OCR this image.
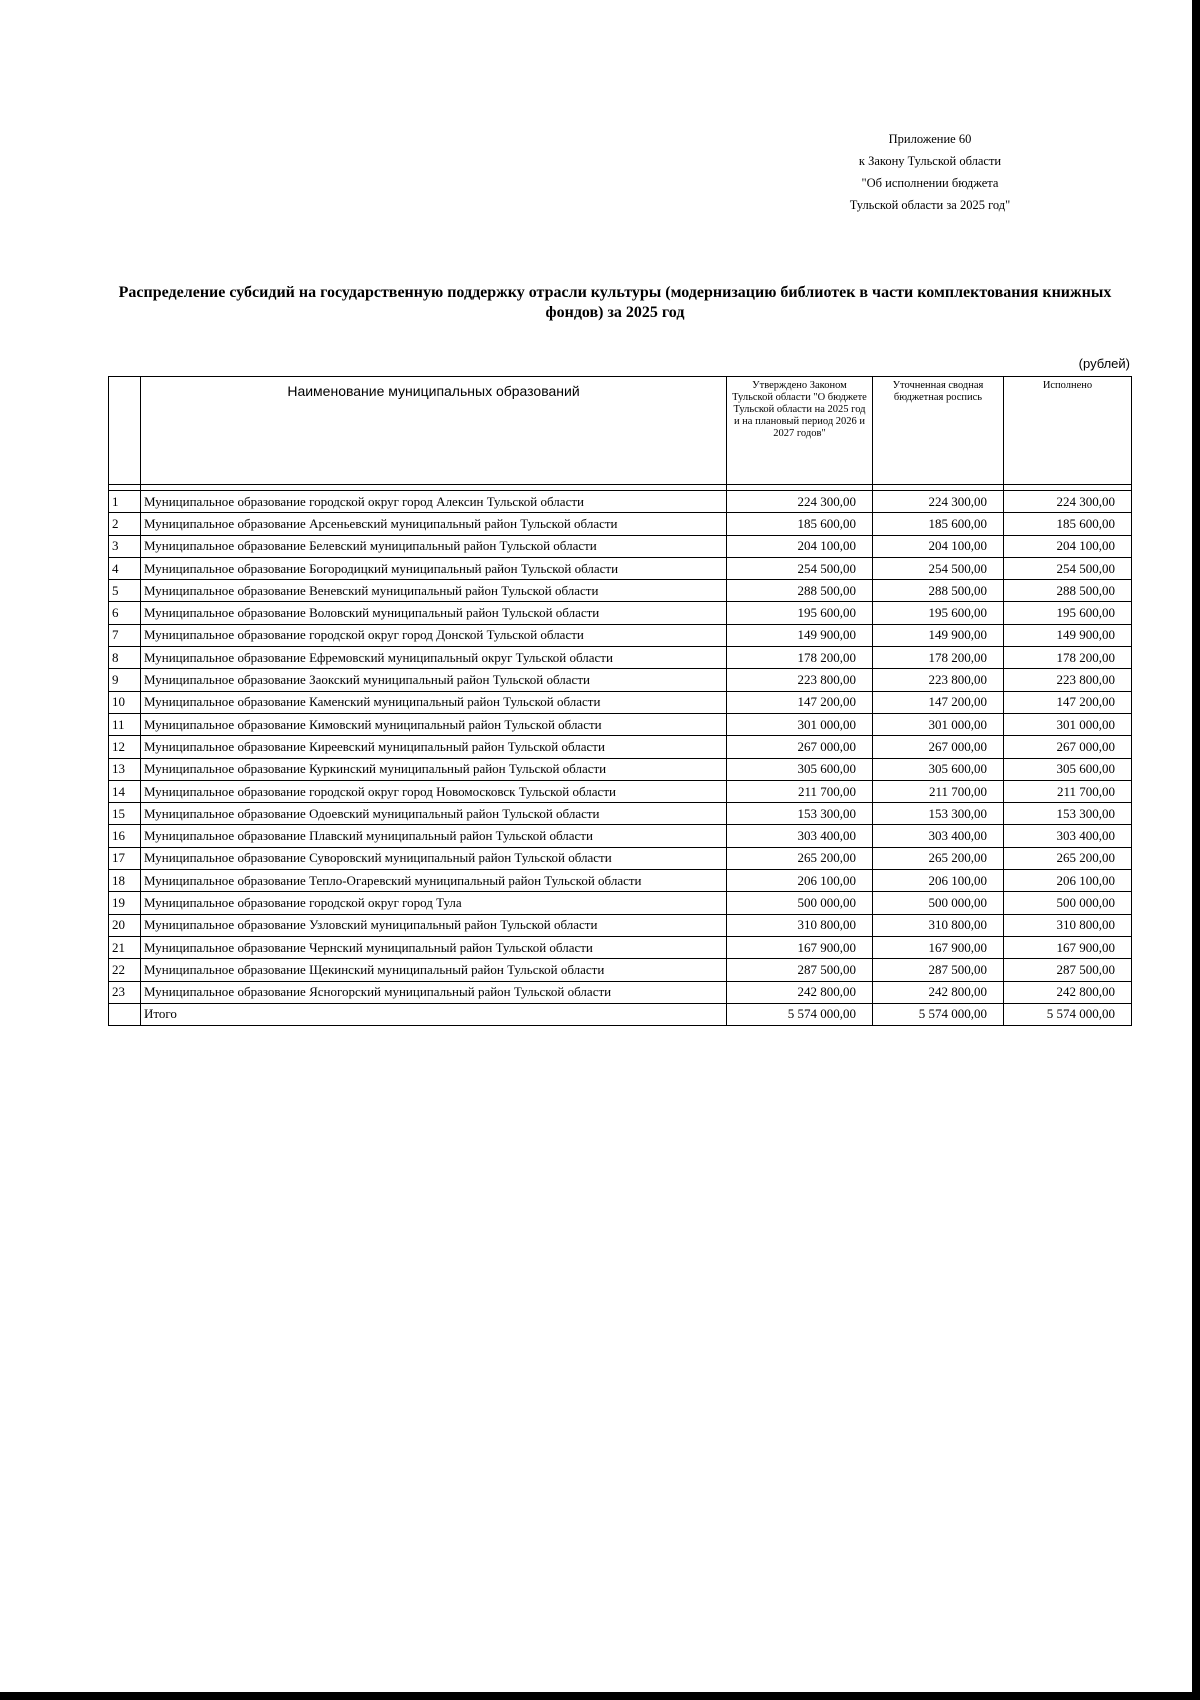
Приложение 60
к Закону Тульской области
"Об исполнении бюджета
Тульской области за 2025 год"
Распределение субсидий на государственную поддержку отрасли культуры (модернизацию библиотек в части комплектования книжных фондов) за 2025 год
(рублей)
	Наименование муниципальных образований	Утверждено Законом Тульской области "О бюджете Тульской области на 2025 год и на плановый период 2026 и 2027 годов"	Уточненная сводная бюджетная роспись	Исполнено

1	Муниципальное образование городской округ город Алексин Тульской области	224 300,00	224 300,00	224 300,00
2	Муниципальное образование Арсеньевский муниципальный район Тульской области	185 600,00	185 600,00	185 600,00
3	Муниципальное образование Белевский муниципальный район Тульской области	204 100,00	204 100,00	204 100,00
4	Муниципальное образование Богородицкий муниципальный район Тульской области	254 500,00	254 500,00	254 500,00
5	Муниципальное образование Веневский муниципальный район Тульской области	288 500,00	288 500,00	288 500,00
6	Муниципальное образование Воловский муниципальный район Тульской области	195 600,00	195 600,00	195 600,00
7	Муниципальное образование городской округ город Донской Тульской области	149 900,00	149 900,00	149 900,00
8	Муниципальное образование Ефремовский муниципальный округ Тульской области	178 200,00	178 200,00	178 200,00
9	Муниципальное образование Заокский муниципальный район Тульской области	223 800,00	223 800,00	223 800,00
10	Муниципальное образование Каменский муниципальный район Тульской области	147 200,00	147 200,00	147 200,00
11	Муниципальное образование Кимовский муниципальный район Тульской области	301 000,00	301 000,00	301 000,00
12	Муниципальное образование Киреевский муниципальный район Тульской области	267 000,00	267 000,00	267 000,00
13	Муниципальное образование Куркинский муниципальный район Тульской области	305 600,00	305 600,00	305 600,00
14	Муниципальное образование городской округ город Новомосковск Тульской области	211 700,00	211 700,00	211 700,00
15	Муниципальное образование Одоевский муниципальный район Тульской области	153 300,00	153 300,00	153 300,00
16	Муниципальное образование Плавский муниципальный район Тульской области	303 400,00	303 400,00	303 400,00
17	Муниципальное образование Суворовский муниципальный район Тульской области	265 200,00	265 200,00	265 200,00
18	Муниципальное образование Тепло-Огаревский муниципальный район Тульской области	206 100,00	206 100,00	206 100,00
19	Муниципальное образование городской округ город Тула	500 000,00	500 000,00	500 000,00
20	Муниципальное образование Узловский муниципальный район Тульской области	310 800,00	310 800,00	310 800,00
21	Муниципальное образование Чернский муниципальный район Тульской области	167 900,00	167 900,00	167 900,00
22	Муниципальное образование Щекинский муниципальный район Тульской области	287 500,00	287 500,00	287 500,00
23	Муниципальное образование Ясногорский муниципальный район Тульской области	242 800,00	242 800,00	242 800,00
	Итого	5 574 000,00	5 574 000,00	5 574 000,00
